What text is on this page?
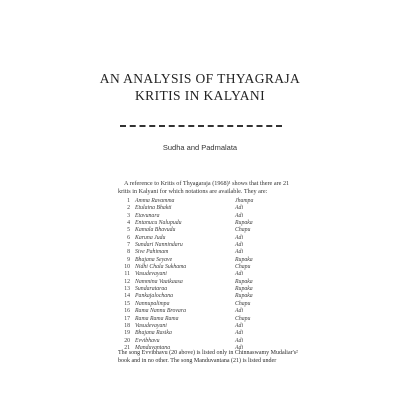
AN ANALYSIS OF THYAGRAJA
KRITIS IN KALYANI
Sudha and Padmalata
A reference to Kritis of Thyagaraja (1968)¹ shows that there are 21
kritis in Kalyani for which notations are available. They are:
1 Amma Ravamma	Jhampa
2 Etulaina Bhakti	Adi
3 Etavunara	Adi
4 Entanucu Nalupudu	Rupaka
5 Kamala Bhavudu	Chapu
6 Karuna Judu	Adi
7 Sundari Nannindaru	Adi
8 Sive Pahimam	Adi
9 Bhajana Seyave	Rupaka
10 Nidhi Chala Sukhama	Chapu
11 Vasudevayani	Adi
12 Nammina Vaaikaasa	Rupaka
13 Sundarataraa	Rupaka
14 Pankajalochana	Rupaka
15 Nannupalimpa	Chapu
16 Rama Nannu Brovara	Adi
17 Rama Rama Rama	Chapu
18 Vasudevayani	Adi
19 Bhajana Rasika	Adi
20 Evvibhavu	Adi
21 Manduvantana	Adi
The song Evvibhavu (20 above) is listed only in Chinnaswamy Mudaliar's²
book and in no other. The song Manduvantana (21) is listed under
